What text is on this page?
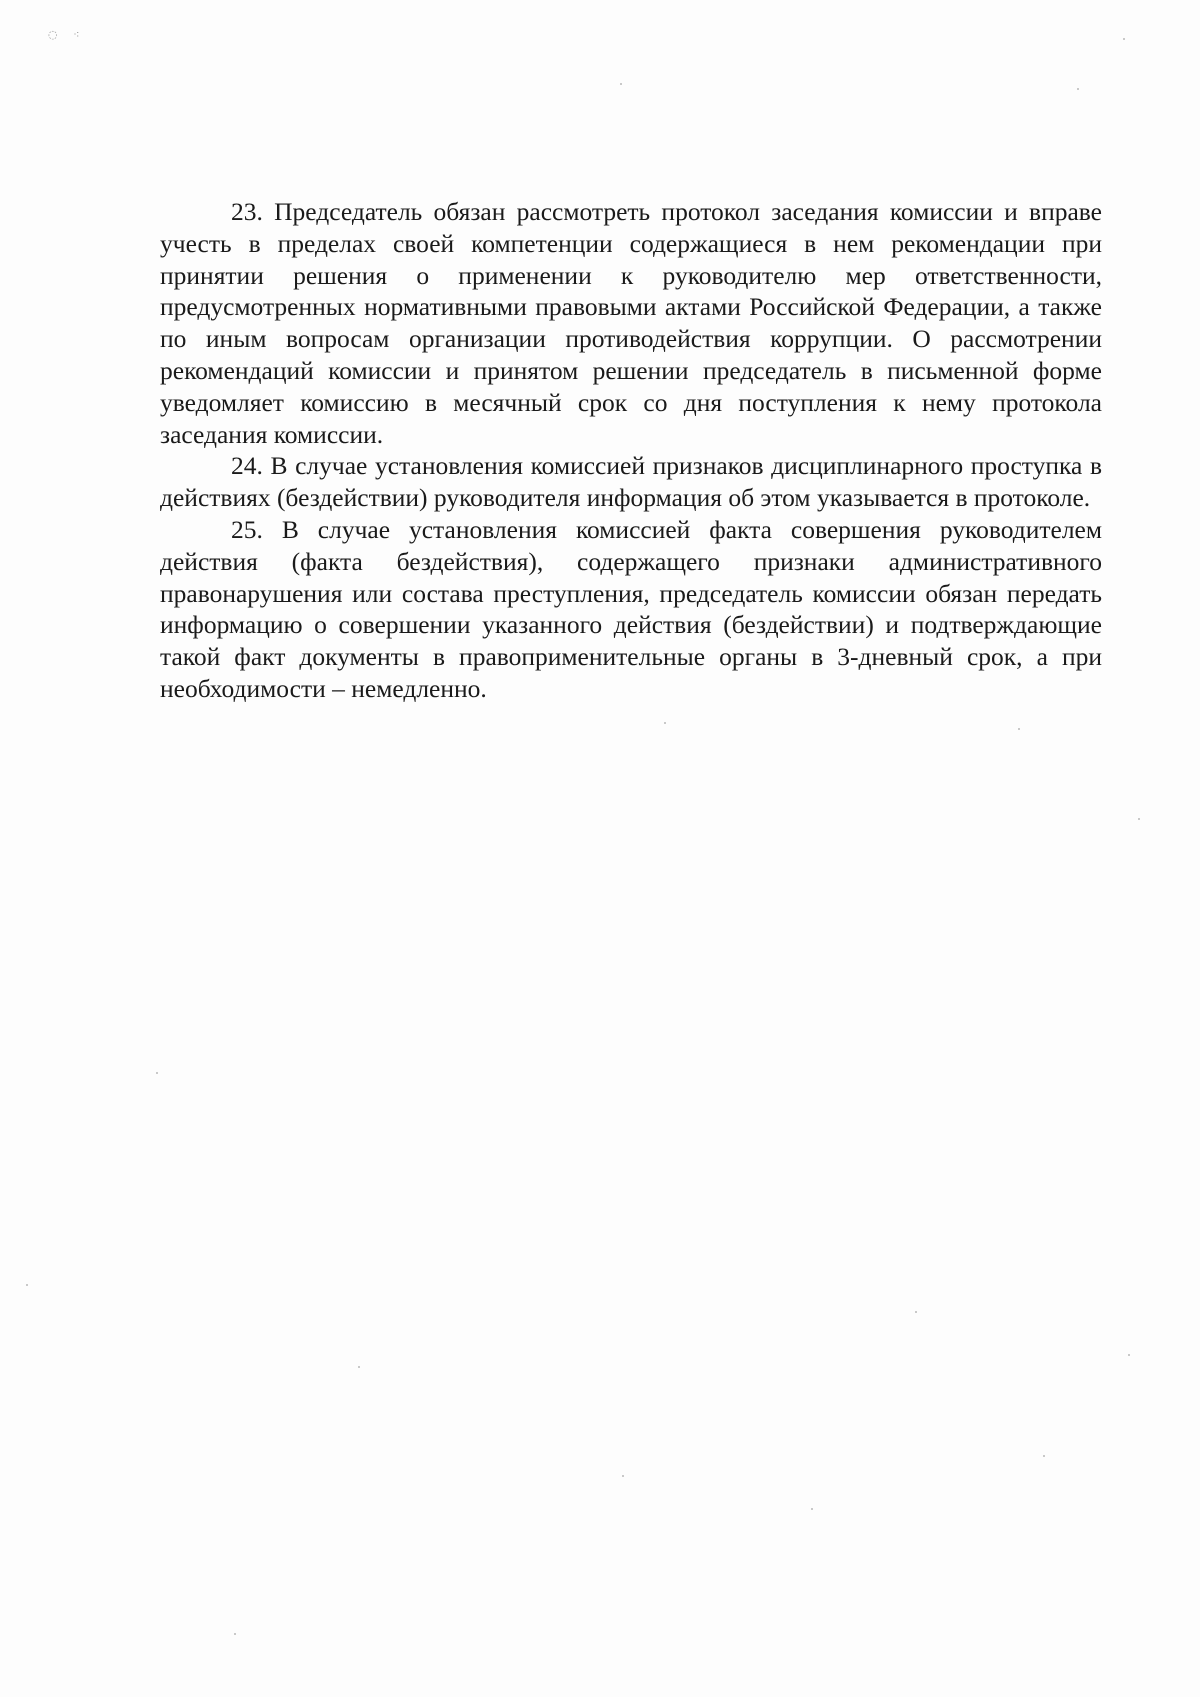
◌ ⁖

23. Председатель обязан рассмотреть протокол заседания комиссии и вправе учесть в пределах своей компетенции содержащиеся в нем рекомендации при принятии решения о применении к руководителю мер ответственности, предусмотренных нормативными правовыми актами Российской Федерации, а также по иным вопросам организации противодействия коррупции. О рассмотрении рекомендаций комиссии и принятом решении председатель в письменной форме уведомляет комиссию в месячный срок со дня поступления к нему протокола заседания комиссии.

24. В случае установления комиссией признаков дисциплинарного проступка в действиях (бездействии) руководителя информация об этом указывается в протоколе.

25. В случае установления комиссией факта совершения руководителем действия (факта бездействия), содержащего признаки административного правонарушения или состава преступления, председатель комиссии обязан передать информацию о совершении указанного действия (бездействии) и подтверждающие такой факт документы в правоприменительные органы в 3-дневный срок, а при необходимости – немедленно.
